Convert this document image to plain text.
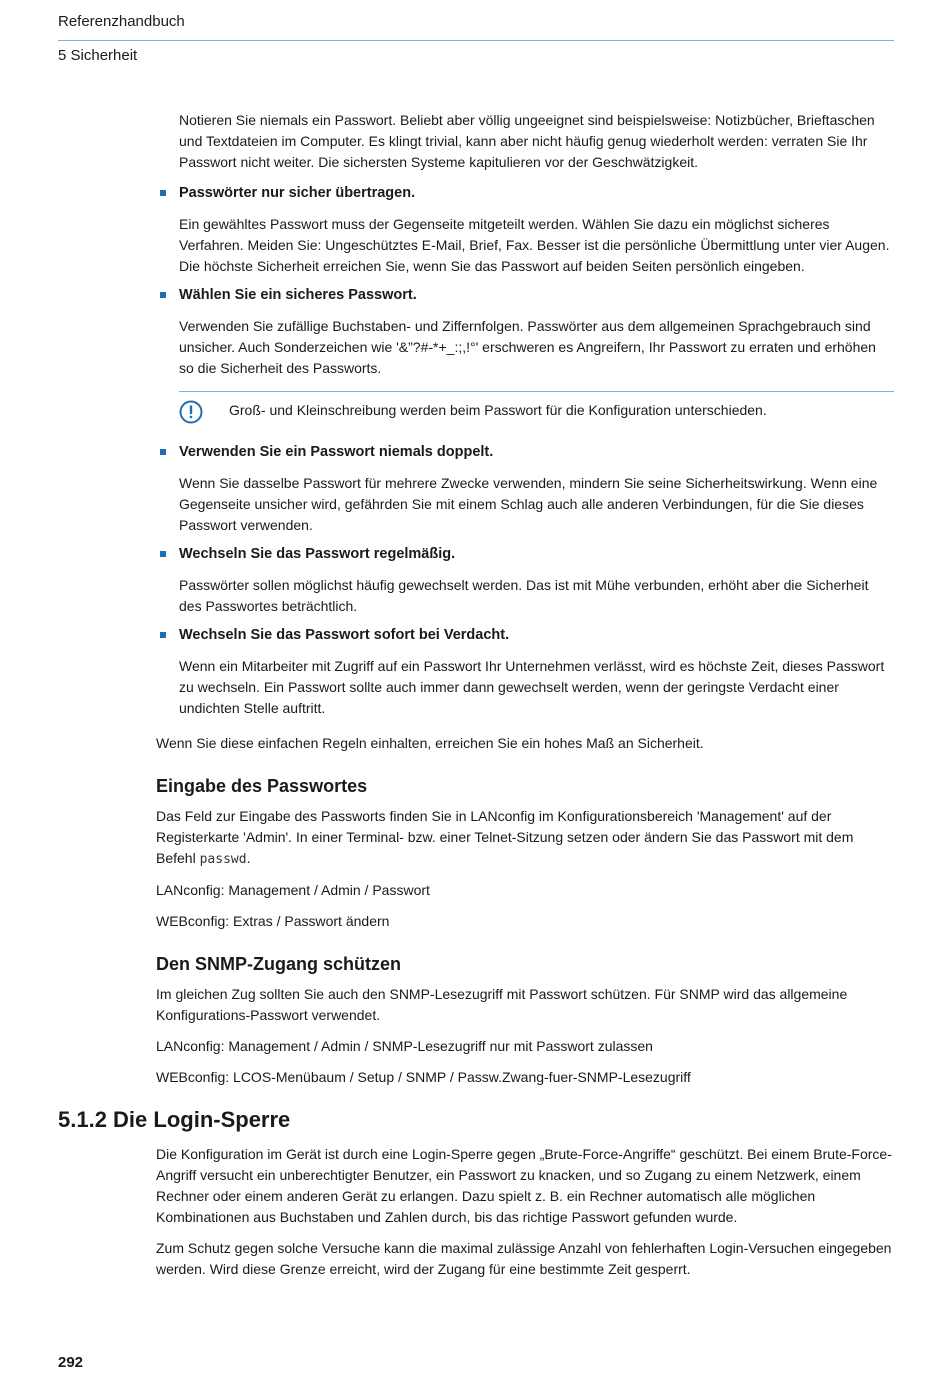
Referenzhandbuch
5 Sicherheit

Notieren Sie niemals ein Passwort. Beliebt aber völlig ungeeignet sind beispielsweise: Notizbücher, Brieftaschen und Textdateien im Computer. Es klingt trivial, kann aber nicht häufig genug wiederholt werden: verraten Sie Ihr Passwort nicht weiter. Die sichersten Systeme kapitulieren vor der Geschwätzigkeit.

Passwörter nur sicher übertragen.

Ein gewähltes Passwort muss der Gegenseite mitgeteilt werden. Wählen Sie dazu ein möglichst sicheres Verfahren. Meiden Sie: Ungeschütztes E-Mail, Brief, Fax. Besser ist die persönliche Übermittlung unter vier Augen. Die höchste Sicherheit erreichen Sie, wenn Sie das Passwort auf beiden Seiten persönlich eingeben.

Wählen Sie ein sicheres Passwort.

Verwenden Sie zufällige Buchstaben- und Ziffernfolgen. Passwörter aus dem allgemeinen Sprachgebrauch sind unsicher. Auch Sonderzeichen wie '&”?#-*+_:;,!°' erschweren es Angreifern, Ihr Passwort zu erraten und erhöhen so die Sicherheit des Passworts.

Groß- und Kleinschreibung werden beim Passwort für die Konfiguration unterschieden.
Verwenden Sie ein Passwort niemals doppelt.

Wenn Sie dasselbe Passwort für mehrere Zwecke verwenden, mindern Sie seine Sicherheitswirkung. Wenn eine Gegenseite unsicher wird, gefährden Sie mit einem Schlag auch alle anderen Verbindungen, für die Sie dieses Passwort verwenden.

Wechseln Sie das Passwort regelmäßig.

Passwörter sollen möglichst häufig gewechselt werden. Das ist mit Mühe verbunden, erhöht aber die Sicherheit des Passwortes beträchtlich.

Wechseln Sie das Passwort sofort bei Verdacht.

Wenn ein Mitarbeiter mit Zugriff auf ein Passwort Ihr Unternehmen verlässt, wird es höchste Zeit, dieses Passwort zu wechseln. Ein Passwort sollte auch immer dann gewechselt werden, wenn der geringste Verdacht einer undichten Stelle auftritt.

Wenn Sie diese einfachen Regeln einhalten, erreichen Sie ein hohes Maß an Sicherheit.

Eingabe des Passwortes

Das Feld zur Eingabe des Passworts finden Sie in LANconfig im Konfigurationsbereich 'Management' auf der Registerkarte 'Admin'. In einer Terminal- bzw. einer Telnet-Sitzung setzen oder ändern Sie das Passwort mit dem Befehl passwd.

LANconfig: Management / Admin / Passwort

WEBconfig: Extras / Passwort ändern

Den SNMP-Zugang schützen

Im gleichen Zug sollten Sie auch den SNMP-Lesezugriff mit Passwort schützen. Für SNMP wird das allgemeine Konfigurations-Passwort verwendet.

LANconfig: Management / Admin / SNMP-Lesezugriff nur mit Passwort zulassen

WEBconfig: LCOS-Menübaum / Setup / SNMP / Passw.Zwang-fuer-SNMP-Lesezugriff

5.1.2 Die Login-Sperre

Die Konfiguration im Gerät ist durch eine Login-Sperre gegen „Brute-Force-Angriffe“ geschützt. Bei einem Brute-Force-Angriff versucht ein unberechtigter Benutzer, ein Passwort zu knacken, und so Zugang zu einem Netzwerk, einem Rechner oder einem anderen Gerät zu erlangen. Dazu spielt z. B. ein Rechner automatisch alle möglichen Kombinationen aus Buchstaben und Zahlen durch, bis das richtige Passwort gefunden wurde.

Zum Schutz gegen solche Versuche kann die maximal zulässige Anzahl von fehlerhaften Login-Versuchen eingegeben werden. Wird diese Grenze erreicht, wird der Zugang für eine bestimmte Zeit gesperrt.

292
